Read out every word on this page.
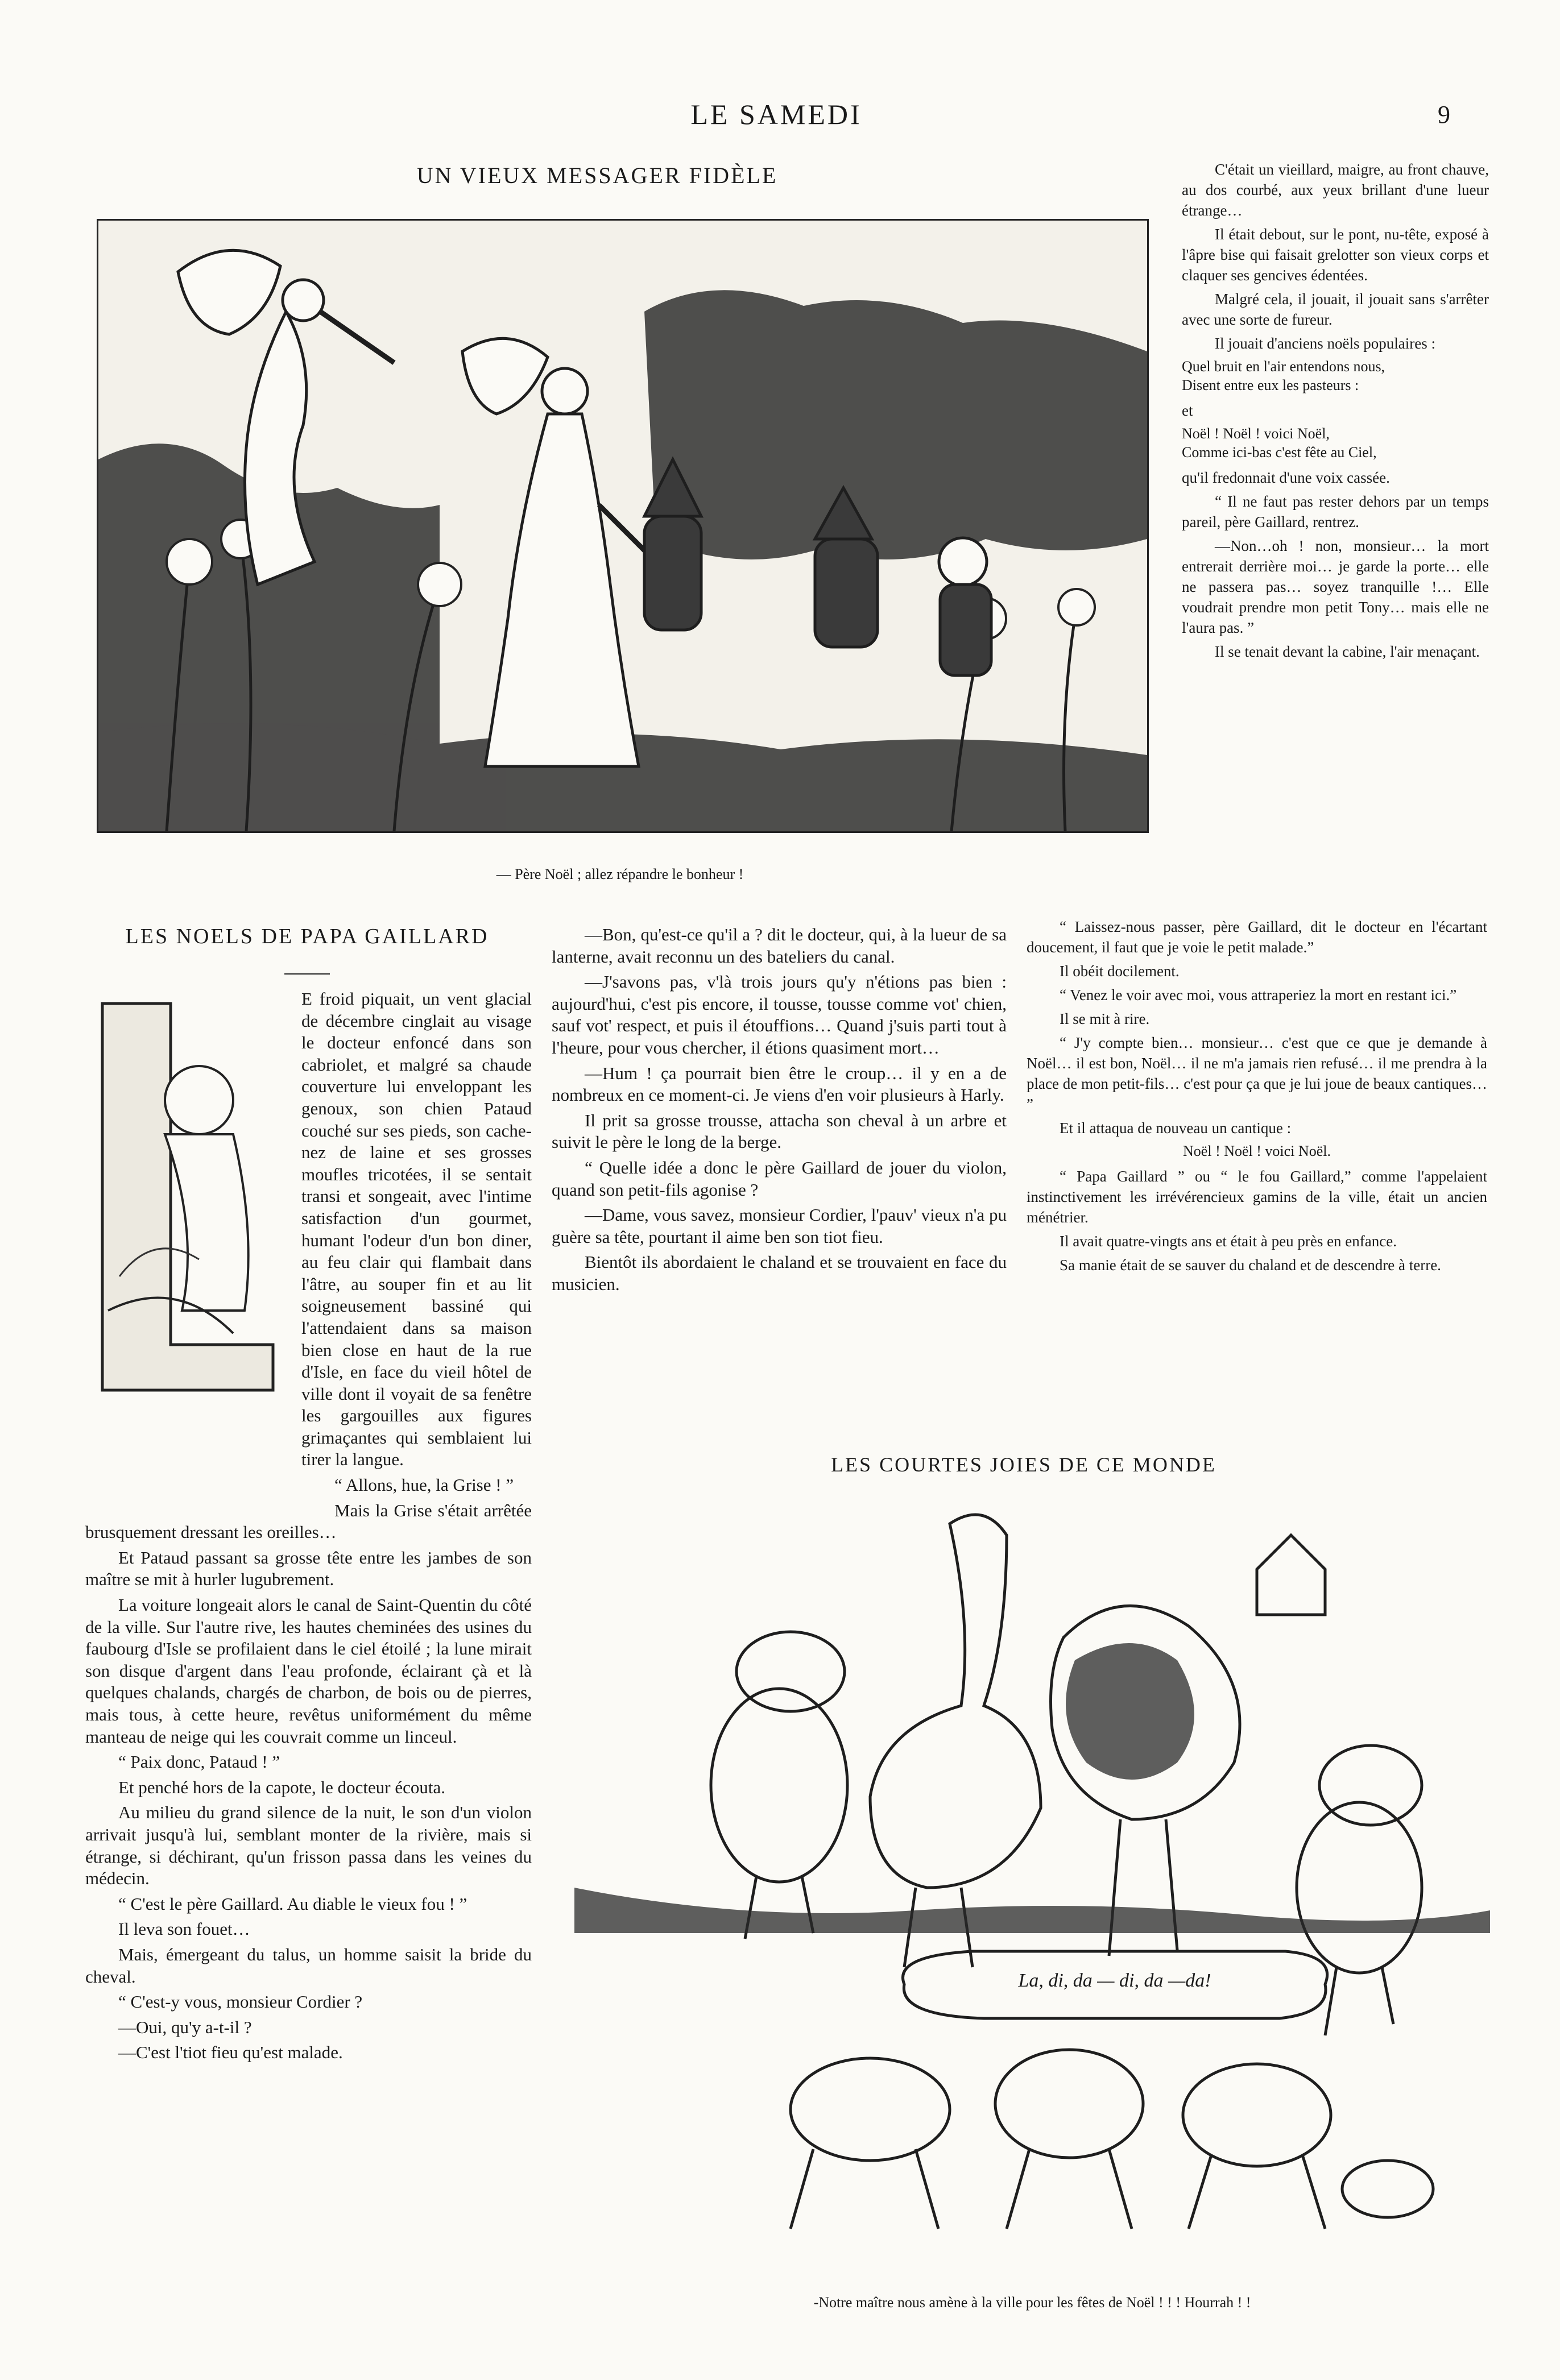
LE SAMEDI	9
UN VIEUX MESSAGER FIDÈLE
— Père Noël ; allez répandre le bonheur !
LES NOELS DE PAPA GAILLARD

E froid piquait, un vent glacial de décembre cinglait au visage le docteur enfoncé dans son cabriolet, et malgré sa chaude couverture lui enveloppant les genoux, son chien Pataud couché sur ses pieds, son cache-nez de laine et ses grosses moufles tricotées, il se sentait transi et songeait, avec l'intime satisfaction d'un gourmet, humant l'odeur d'un bon diner, au feu clair qui flambait dans l'âtre, au souper fin et au lit soigneusement bassiné qui l'attendaient dans sa maison bien close en haut de la rue d'Isle, en face du vieil hôtel de ville dont il voyait de sa fenêtre les gargouilles aux figures grimaçantes qui semblaient lui tirer la langue.

“ Allons, hue, la Grise ! ”

Mais la Grise s'était arrêtée brusquement dressant les oreilles…

Et Pataud passant sa grosse tête entre les jambes de son maître se mit à hurler lugubrement.

La voiture longeait alors le canal de Saint-Quentin du côté de la ville. Sur l'autre rive, les hautes cheminées des usines du faubourg d'Isle se profilaient dans le ciel étoilé ; la lune mirait son disque d'argent dans l'eau profonde, éclairant çà et là quelques chalands, chargés de charbon, de bois ou de pierres, mais tous, à cette heure, revêtus uniformément du même manteau de neige qui les couvrait comme un linceul.

“ Paix donc, Pataud ! ”

Et penché hors de la capote, le docteur écouta.

Au milieu du grand silence de la nuit, le son d'un violon arrivait jusqu'à lui, semblant monter de la rivière, mais si étrange, si déchirant, qu'un frisson passa dans les veines du médecin.

“ C'est le père Gaillard. Au diable le vieux fou ! ”

Il leva son fouet…

Mais, émergeant du talus, un homme saisit la bride du cheval.

“ C'est-y vous, monsieur Cordier ?

—Oui, qu'y a-t-il ?

—C'est l'tiot fieu qu'est malade.

—Bon, qu'est-ce qu'il a ? dit le docteur, qui, à la lueur de sa lanterne, avait reconnu un des bateliers du canal.

—J'savons pas, v'là trois jours qu'y n'étions pas bien : aujourd'hui, c'est pis encore, il tousse, tousse comme vot' chien, sauf vot' respect, et puis il étouffions… Quand j'suis parti tout à l'heure, pour vous chercher, il étions quasiment mort…

—Hum ! ça pourrait bien être le croup… il y en a de nombreux en ce moment-ci. Je viens d'en voir plusieurs à Harly.

Il prit sa grosse trousse, attacha son cheval à un arbre et suivit le père le long de la berge.

“ Quelle idée a donc le père Gaillard de jouer du violon, quand son petit-fils agonise ?

—Dame, vous savez, monsieur Cordier, l'pauv' vieux n'a pu guère sa tête, pourtant il aime ben son tiot fieu.

Bientôt ils abordaient le chaland et se trouvaient en face du musicien.

C'était un vieillard, maigre, au front chauve, au dos courbé, aux yeux brillant d'une lueur étrange…

Il était debout, sur le pont, nu-tête, exposé à l'âpre bise qui faisait grelotter son vieux corps et claquer ses gencives édentées.

Malgré cela, il jouait, il jouait sans s'arrêter avec une sorte de fureur.

Il jouait d'anciens noëls populaires :

Quel bruit en l'air entendons nous,
Disent entre eux les pasteurs :

et

Noël ! Noël ! voici Noël,
Comme ici-bas c'est fête au Ciel,

qu'il fredonnait d'une voix cassée.

“ Il ne faut pas rester dehors par un temps pareil, père Gaillard, rentrez.

—Non…oh ! non, monsieur… la mort entrerait derrière moi… je garde la porte… elle ne passera pas… soyez tranquille !… Elle voudrait prendre mon petit Tony… mais elle ne l'aura pas. ”

Il se tenait devant la cabine, l'air menaçant.

“ Laissez-nous passer, père Gaillard, dit le docteur en l'écartant doucement, il faut que je voie le petit malade.”

Il obéit docilement.

“ Venez le voir avec moi, vous attraperiez la mort en restant ici.”

Il se mit à rire.

“ J'y compte bien… monsieur… c'est que ce que je demande à Noël… il est bon, Noël… il ne m'a jamais rien refusé… il me prendra à la place de mon petit-fils… c'est pour ça que je lui joue de beaux cantiques… ”

Et il attaqua de nouveau un cantique :

Noël ! Noël ! voici Noël.

“ Papa Gaillard ” ou “ le fou Gaillard,” comme l'appelaient instinctivement les irrévérencieux gamins de la ville, était un ancien ménétrier.

Il avait quatre-vingts ans et était à peu près en enfance.

Sa manie était de se sauver du chaland et de descendre à terre.

LES COURTES JOIES DE CE MONDE
La, di, da — di, da —da!
-Notre maître nous amène à la ville pour les fêtes de Noël ! ! ! Hourrah ! !
